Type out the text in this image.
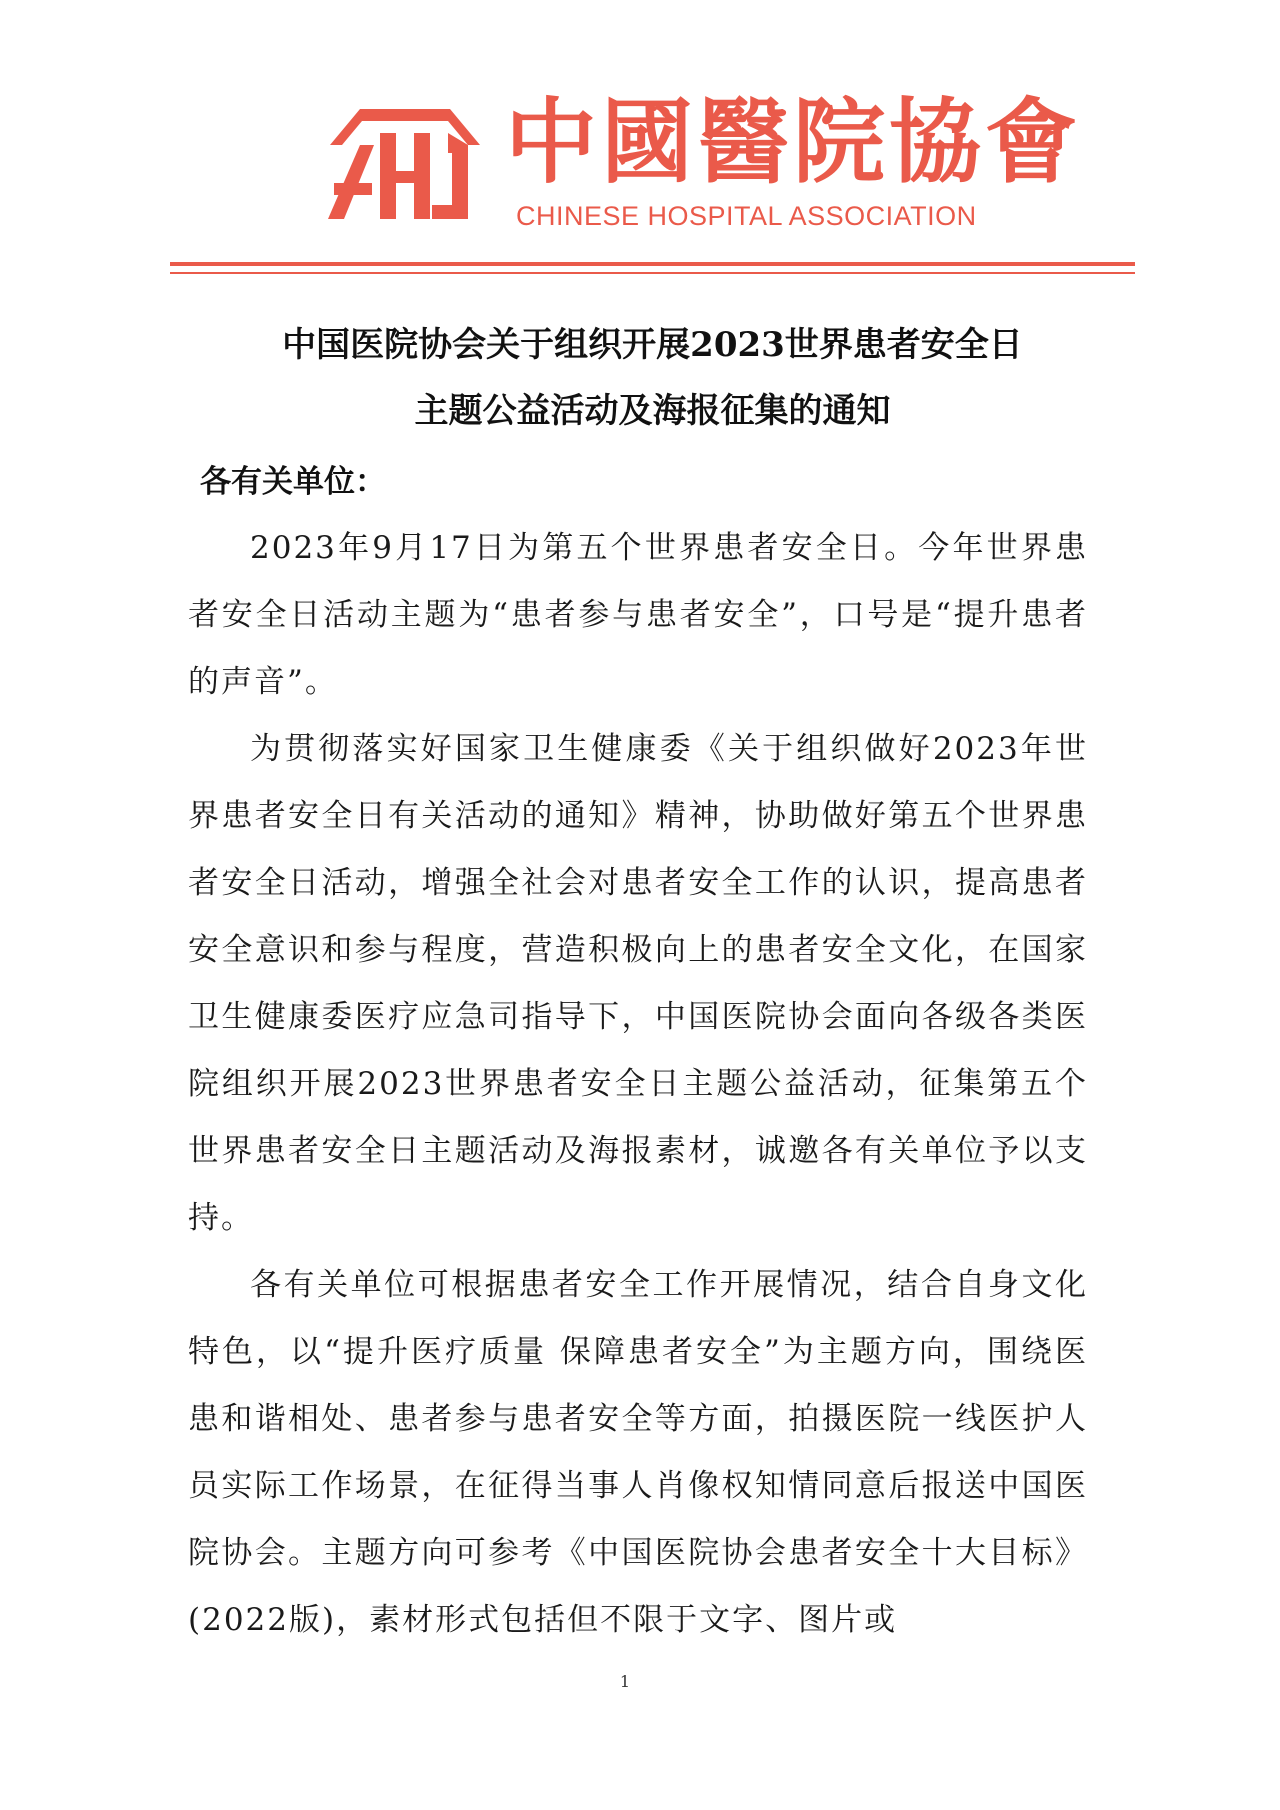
中國醫院協會
CHINESE HOSPITAL ASSOCIATION
中国医院协会关于组织开展2023世界患者安全日
主题公益活动及海报征集的通知
各有关单位：

2023年9月17日为第五个世界患者安全日。今年世界患者安全日活动主题为“患者参与患者安全”，口号是“提升患者的声音”。

为贯彻落实好国家卫生健康委《关于组织做好2023年世界患者安全日有关活动的通知》精神，协助做好第五个世界患者安全日活动，增强全社会对患者安全工作的认识，提高患者安全意识和参与程度，营造积极向上的患者安全文化，在国家卫生健康委医疗应急司指导下，中国医院协会面向各级各类医院组织开展2023世界患者安全日主题公益活动，征集第五个世界患者安全日主题活动及海报素材，诚邀各有关单位予以支持。

各有关单位可根据患者安全工作开展情况，结合自身文化特色，以“提升医疗质量 保障患者安全”为主题方向，围绕医患和谐相处、患者参与患者安全等方面，拍摄医院一线医护人员实际工作场景，在征得当事人肖像权知情同意后报送中国医院协会。主题方向可参考《中国医院协会患者安全十大目标》(2022版)，素材形式包括但不限于文字、图片或

1
